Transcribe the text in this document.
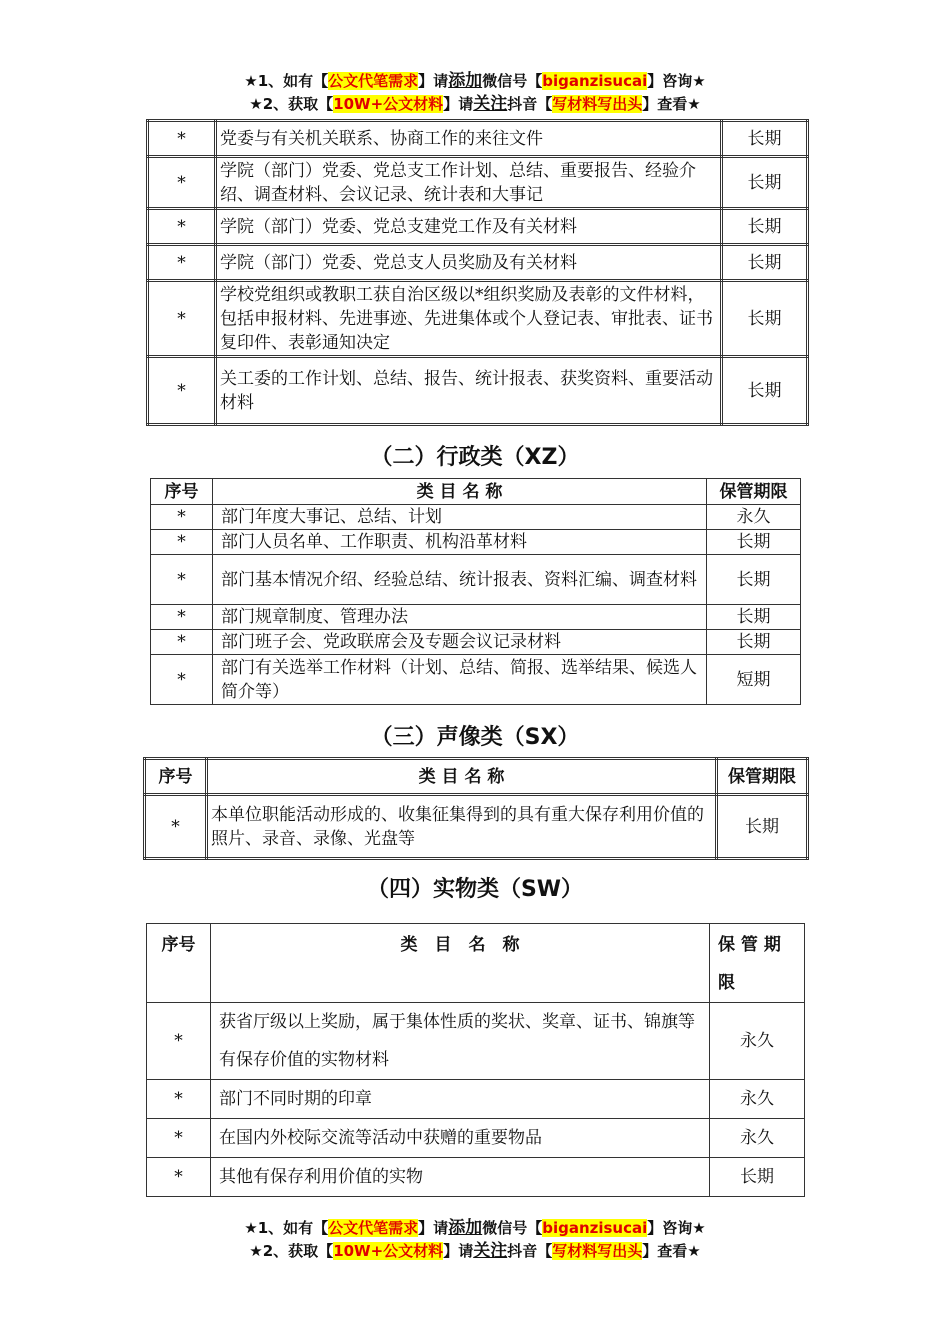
★1、如有【公文代笔需求】请添加微信号【biganzisucai】咨询★
★2、获取【10W+公文材料】请关注抖音【写材料写出头】查看★
*	党委与有关机关联系、协商工作的来往文件	长期
*	学院（部门）党委、党总支工作计划、总结、重要报告、经验介绍、调查材料、会议记录、统计表和大事记	长期
*	学院（部门）党委、党总支建党工作及有关材料	长期
*	学院（部门）党委、党总支人员奖励及有关材料	长期
*	学校党组织或教职工获自治区级以*组织奖励及表彰的文件材料，包括申报材料、先进事迹、先进集体或个人登记表、审批表、证书复印件、表彰通知决定	长期
*	关工委的工作计划、总结、报告、统计报表、获奖资料、重要活动材料	长期
（二）行政类（XZ）
序号	类 目 名 称	保管期限
*	部门年度大事记、总结、计划	永久
*	部门人员名单、工作职责、机构沿革材料	长期
*	部门基本情况介绍、经验总结、统计报表、资料汇编、调查材料	长期
*	部门规章制度、管理办法	长期
*	部门班子会、党政联席会及专题会议记录材料	长期
*	部门有关选举工作材料（计划、总结、简报、选举结果、候选人简介等）	短期
（三）声像类（SX）
序号	类 目 名 称	保管期限
*	本单位职能活动形成的、收集征集得到的具有重大保存利用价值的照片、录音、录像、光盘等	长期
（四）实物类（SW）
序号	类　目　名　称	保 管 期 限
*	获省厅级以上奖励，属于集体性质的奖状、奖章、证书、锦旗等有保存价值的实物材料	永久
*	部门不同时期的印章	永久
*	在国内外校际交流等活动中获赠的重要物品	永久
*	其他有保存利用价值的实物	长期
★1、如有【公文代笔需求】请添加微信号【biganzisucai】咨询★
★2、获取【10W+公文材料】请关注抖音【写材料写出头】查看★
